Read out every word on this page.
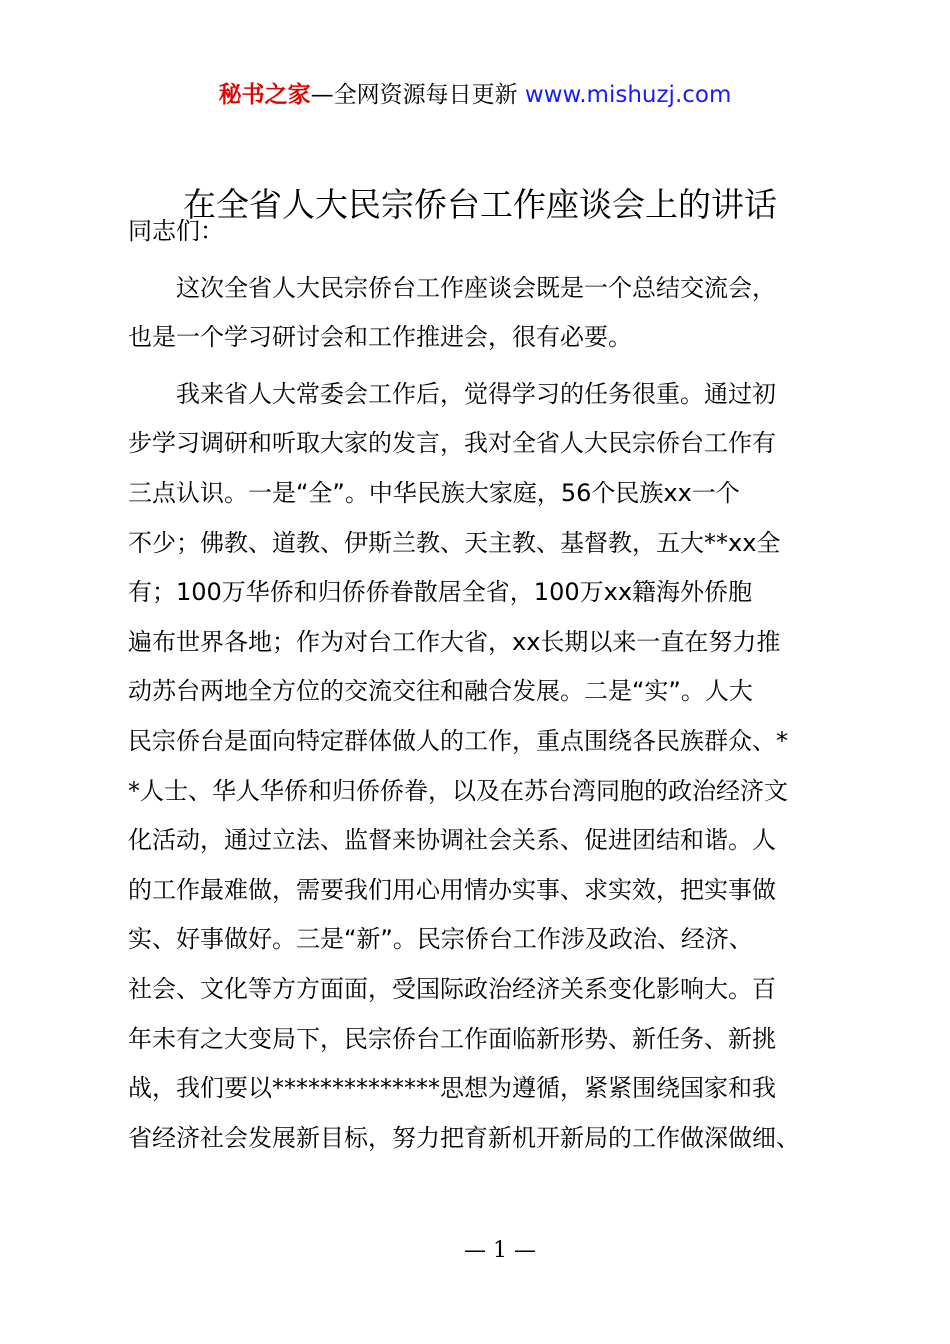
秘书之家—全网资源每日更新 www.mishuzj.com
在全省人大民宗侨台工作座谈会上的讲话
同志们：
　　这次全省人大民宗侨台工作座谈会既是一个总结交流会，
也是一个学习研讨会和工作推进会，很有必要。
　　我来省人大常委会工作后，觉得学习的任务很重。通过初
步学习调研和听取大家的发言，我对全省人大民宗侨台工作有
三点认识。一是“全”。中华民族大家庭，56个民族xx一个
不少；佛教、道教、伊斯兰教、天主教、基督教，五大**xx全
有；100万华侨和归侨侨眷散居全省，100万xx籍海外侨胞
遍布世界各地；作为对台工作大省，xx长期以来一直在努力推
动苏台两地全方位的交流交往和融合发展。二是“实”。人大
民宗侨台是面向特定群体做人的工作，重点围绕各民族群众、*
*人士、华人华侨和归侨侨眷，以及在苏台湾同胞的政治经济文
化活动，通过立法、监督来协调社会关系、促进团结和谐。人
的工作最难做，需要我们用心用情办实事、求实效，把实事做
实、好事做好。三是“新”。民宗侨台工作涉及政治、经济、
社会、文化等方方面面，受国际政治经济关系变化影响大。百
年未有之大变局下，民宗侨台工作面临新形势、新任务、新挑
战，我们要以**************思想为遵循，紧紧围绕国家和我
省经济社会发展新目标，努力把育新机开新局的工作做深做细、
— 1 —
